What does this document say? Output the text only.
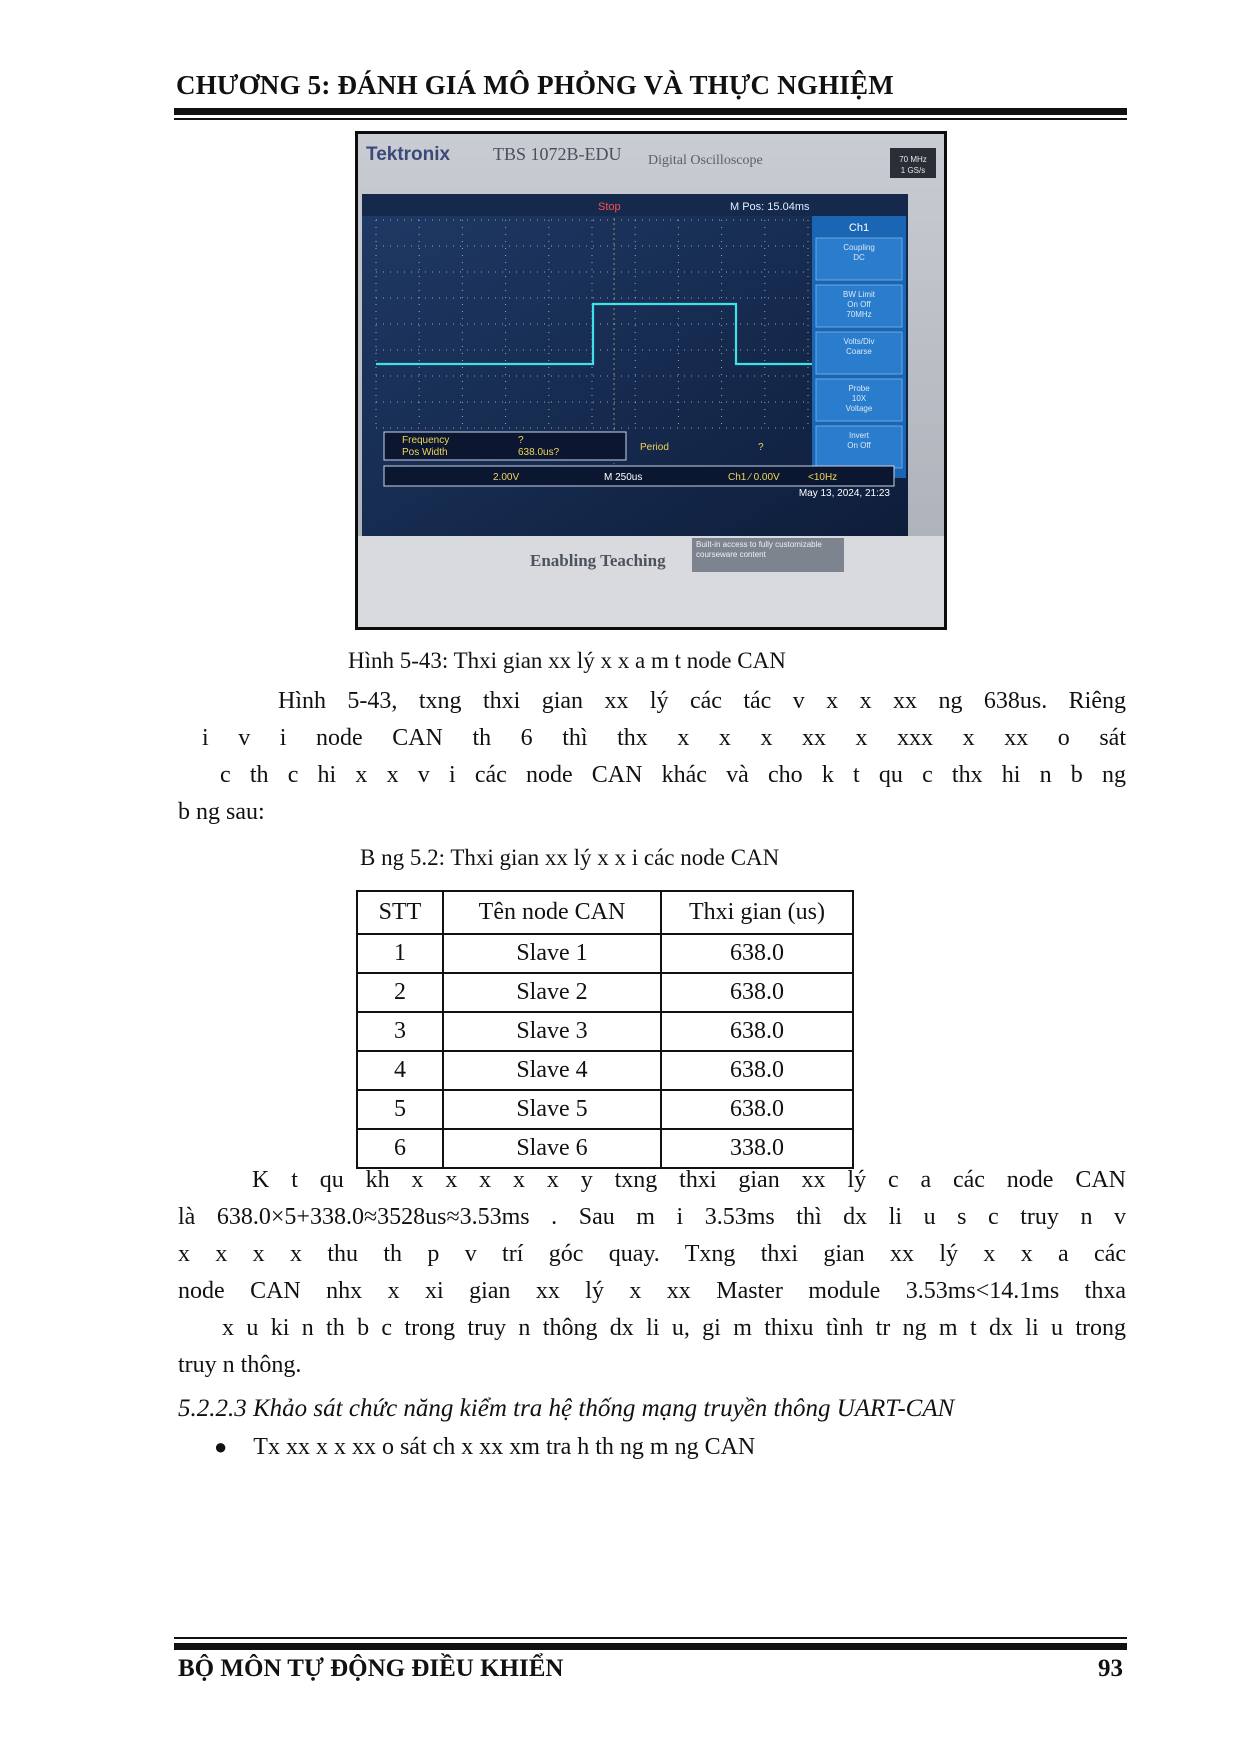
CHƯƠNG 5: ĐÁNH GIÁ MÔ PHỎNG VÀ THỰC NGHIỆM
Tektronix TBS 1072B-EDU Digital Oscilloscope	70 MHz
1 GS/s
Stop	M Pos: 15.04ms
Ch1
Coupling
DC
BW Limit
On Off
70MHz
Volts/Div
Coarse
Probe
10X
Voltage
Invert
On Off
Frequency	?
Pos Width	638.0us?	Period	?
2.00V	M 250us	Ch1 ∕ 0.00V	<10Hz
May 13, 2024, 21:23
Enabling Teaching
Built-in access to fully customizable courseware content
Hình 5-43: Thxi gian xx lý x x a m t node CAN
Hình 5-43, txng thxi gian xx lý các tác v x x xx ng 638us. Riêng
i v i node CAN th 6 thì thx x x x xx x xxx x xx o sát
c th c hi x x v i các node CAN khác và cho k t qu c thx hi n b ng
b ng sau:
B ng 5.2: Thxi gian xx lý x x i các node CAN
STT	Tên node CAN	Thxi gian (us)
1	Slave 1	638.0
2	Slave 2	638.0
3	Slave 3	638.0
4	Slave 4	638.0
5	Slave 5	638.0
6	Slave 6	338.0
K t qu kh x x x x x y txng thxi gian xx lý c a các node CAN
là 638.0×5+338.0≈3528us≈3.53ms . Sau m i 3.53ms thì dx li u s c truy n v
x x x x thu th p v trí góc quay. Txng thxi gian xx lý x x a các
node CAN nhx x xi gian xx lý x xx Master module 3.53ms<14.1ms thxa
x u ki n th b c trong truy n thông dx li u, gi m thixu tình tr ng m t dx li u trong
truy n thông.
5.2.2.3 Khảo sát chức năng kiểm tra hệ thống mạng truyền thông UART-CAN
● Tx xx x x xx o sát ch x xx xm tra h th ng m ng CAN
BỘ MÔN TỰ ĐỘNG ĐIỀU KHIỂN	93
